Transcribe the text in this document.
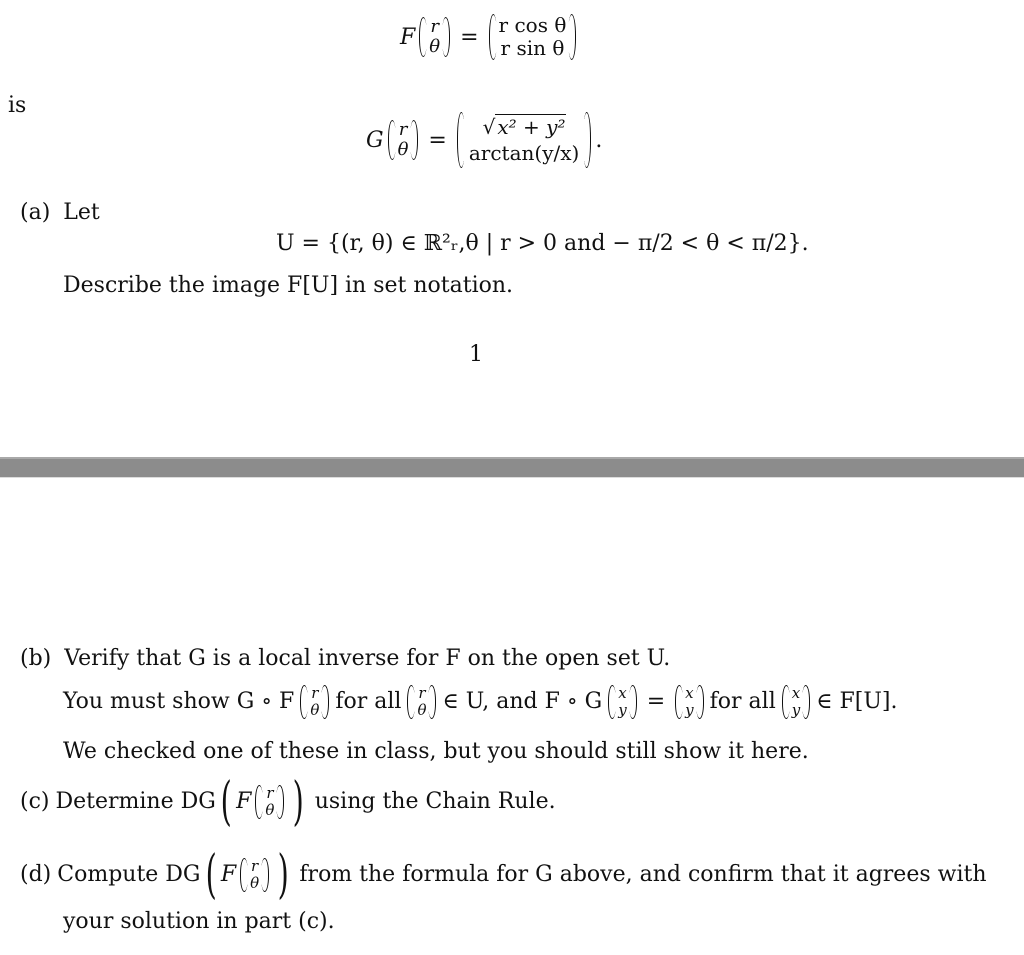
F r
θ = r cos θ
r sin θ
is
G r
θ =
√ x² + y²
arctan(y/x)
.
(a) Let
U = {(r, θ) ∈ ℝ²ᵣ,θ | r > 0 and − π/2 < θ < π/2}.
Describe the image F[U] in set notation.
1
(b) Verify that G is a local inverse for F on the open set U.
You must show G ∘ F r
θ for all r
θ ∈ U, and F ∘ G x
y = x
y for all x
y ∈ F[U].
We checked one of these in class, but you should still show it here.
(c) Determine DG ( F r
θ ) using the Chain Rule.
(d) Compute DG ( F r
θ ) from the formula for G above, and confirm that it agrees with
your solution in part (c).
